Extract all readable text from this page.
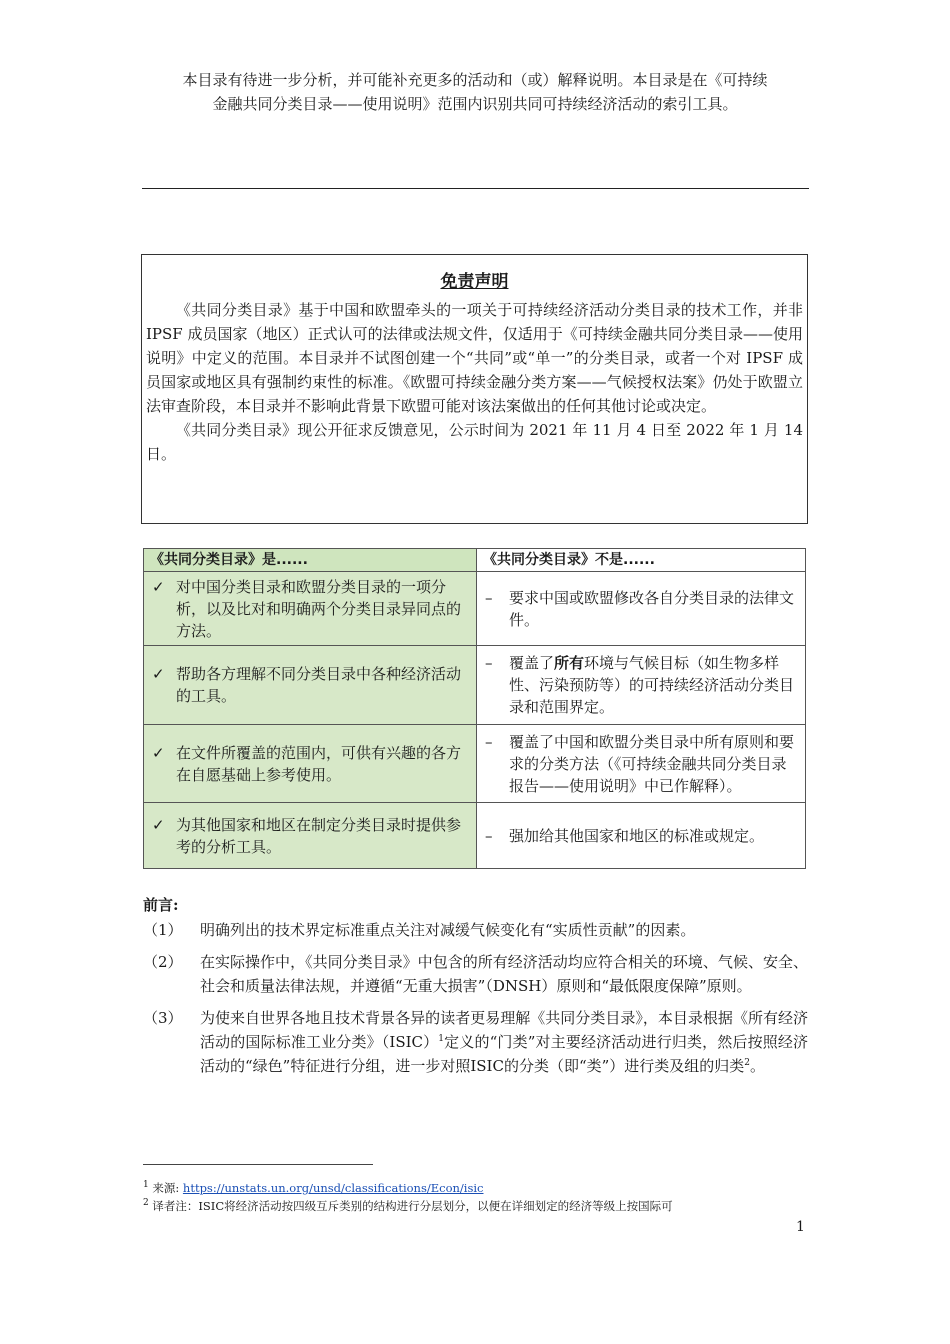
本目录有待进一步分析，并可能补充更多的活动和（或）解释说明。本目录是在《可持续
金融共同分类目录——使用说明》范围内识别共同可持续经济活动的索引工具。
免责声明

《共同分类目录》基于中国和欧盟牵头的一项关于可持续经济活动分类目录的技术工作，并非 IPSF 成员国家（地区）正式认可的法律或法规文件，仅适用于《可持续金融共同分类目录——使用说明》中定义的范围。本目录并不试图创建一个“共同”或“单一”的分类目录，或者一个对 IPSF 成员国家或地区具有强制约束性的标准。《欧盟可持续金融分类方案——气候授权法案》仍处于欧盟立法审查阶段，本目录并不影响此背景下欧盟可能对该法案做出的任何其他讨论或决定。

《共同分类目录》现公开征求反馈意见，公示时间为 2021 年 11 月 4 日至 2022 年 1 月 14 日。

《共同分类目录》是......	《共同分类目录》不是......

✓ 对中国分类目录和欧盟分类目录的一项分析，以及比对和明确两个分类目录异同点的方法。	– 要求中国或欧盟修改各自分类目录的法律文件。

✓ 帮助各方理解不同分类目录中各种经济活动的工具。	– 覆盖了所有环境与气候目标（如生物多样性、污染预防等）的可持续经济活动分类目录和范围界定。

✓ 在文件所覆盖的范围内，可供有兴趣的各方在自愿基础上参考使用。	– 覆盖了中国和欧盟分类目录中所有原则和要求的分类方法（《可持续金融共同分类目录报告——使用说明》中已作解释）。

✓ 为其他国家和地区在制定分类目录时提供参考的分析工具。	– 强加给其他国家和地区的标准或规定。
前言:
（1）	明确列出的技术界定标准重点关注对减缓气候变化有“实质性贡献”的因素。
（2）	在实际操作中，《共同分类目录》中包含的所有经济活动均应符合相关的环境、气候、安全、社会和质量法律法规，并遵循“无重大损害”（DNSH）原则和“最低限度保障”原则。
（3）	为使来自世界各地且技术背景各异的读者更易理解《共同分类目录》，本目录根据《所有经济活动的国际标准工业分类》（ISIC）$^1$定义的“门类”对主要经济活动进行归类，然后按照经济活动的“绿色”特征进行分组，进一步对照ISIC的分类（即“类”）进行类及组的归类$^2$。
$^1$ 来源: https://unstats.un.org/unsd/classifications/Econ/isic
$^2$ 译者注：ISIC将经济活动按四级互斥类别的结构进行分层划分，以便在详细划定的经济等级上按国际可
1
